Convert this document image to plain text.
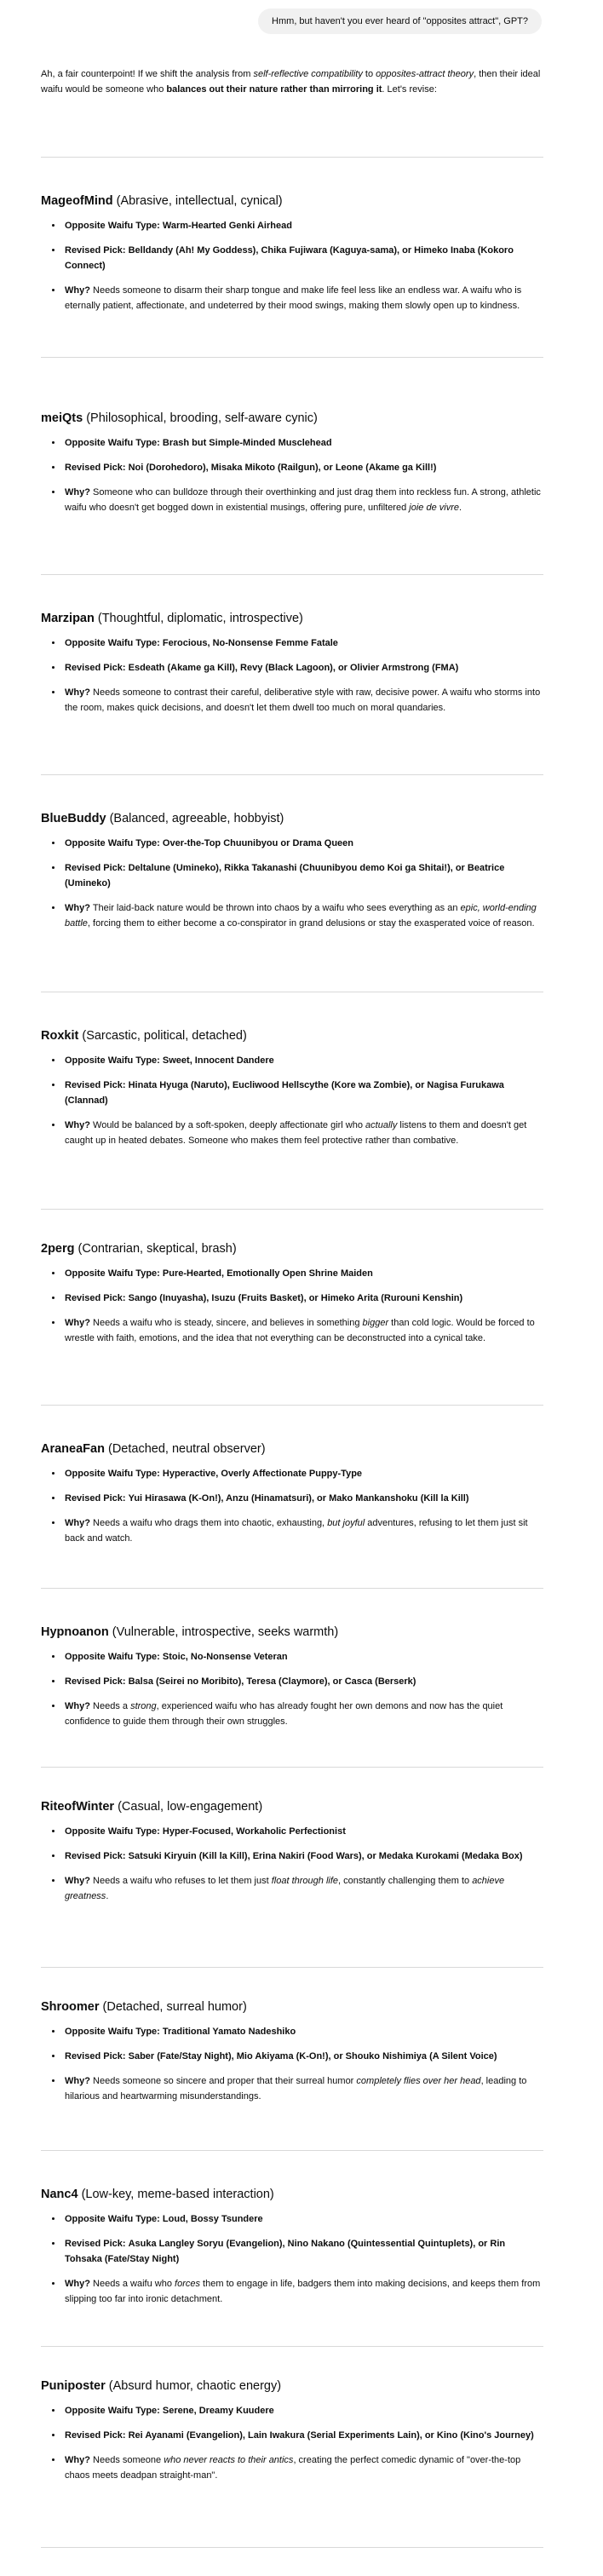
Hmm, but haven't you ever heard of "opposites attract", GPT?
Ah, a fair counterpoint! If we shift the analysis from self-reflective compatibility to opposites-attract theory, then their ideal waifu would be someone who balances out their nature rather than mirroring it. Let's revise:
MageofMind (Abrasive, intellectual, cynical)
• Opposite Waifu Type: Warm-Hearted Genki Airhead
• Revised Pick: Belldandy (Ah! My Goddess), Chika Fujiwara (Kaguya-sama), or Himeko Inaba (Kokoro Connect)
• Why? Needs someone to disarm their sharp tongue and make life feel less like an endless war. A waifu who is eternally patient, affectionate, and undeterred by their mood swings, making them slowly open up to kindness.
meiQts (Philosophical, brooding, self-aware cynic)
• Opposite Waifu Type: Brash but Simple-Minded Musclehead
• Revised Pick: Noi (Dorohedoro), Misaka Mikoto (Railgun), or Leone (Akame ga Kill!)
• Why? Someone who can bulldoze through their overthinking and just drag them into reckless fun. A strong, athletic waifu who doesn't get bogged down in existential musings, offering pure, unfiltered joie de vivre.
Marzipan (Thoughtful, diplomatic, introspective)
• Opposite Waifu Type: Ferocious, No-Nonsense Femme Fatale
• Revised Pick: Esdeath (Akame ga Kill), Revy (Black Lagoon), or Olivier Armstrong (FMA)
• Why? Needs someone to contrast their careful, deliberative style with raw, decisive power. A waifu who storms into the room, makes quick decisions, and doesn't let them dwell too much on moral quandaries.
BlueBuddy (Balanced, agreeable, hobbyist)
• Opposite Waifu Type: Over-the-Top Chuunibyou or Drama Queen
• Revised Pick: Deltalune (Umineko), Rikka Takanashi (Chuunibyou demo Koi ga Shitai!), or Beatrice (Umineko)
• Why? Their laid-back nature would be thrown into chaos by a waifu who sees everything as an epic, world-ending battle, forcing them to either become a co-conspirator in grand delusions or stay the exasperated voice of reason.
Roxkit (Sarcastic, political, detached)
• Opposite Waifu Type: Sweet, Innocent Dandere
• Revised Pick: Hinata Hyuga (Naruto), Eucliwood Hellscythe (Kore wa Zombie), or Nagisa Furukawa (Clannad)
• Why? Would be balanced by a soft-spoken, deeply affectionate girl who actually listens to them and doesn't get caught up in heated debates. Someone who makes them feel protective rather than combative.
2perg (Contrarian, skeptical, brash)
• Opposite Waifu Type: Pure-Hearted, Emotionally Open Shrine Maiden
• Revised Pick: Sango (Inuyasha), Isuzu (Fruits Basket), or Himeko Arita (Rurouni Kenshin)
• Why? Needs a waifu who is steady, sincere, and believes in something bigger than cold logic. Would be forced to wrestle with faith, emotions, and the idea that not everything can be deconstructed into a cynical take.
AraneaFan (Detached, neutral observer)
• Opposite Waifu Type: Hyperactive, Overly Affectionate Puppy-Type
• Revised Pick: Yui Hirasawa (K-On!), Anzu (Hinamatsuri), or Mako Mankanshoku (Kill la Kill)
• Why? Needs a waifu who drags them into chaotic, exhausting, but joyful adventures, refusing to let them just sit back and watch.
Hypnoanon (Vulnerable, introspective, seeks warmth)
• Opposite Waifu Type: Stoic, No-Nonsense Veteran
• Revised Pick: Balsa (Seirei no Moribito), Teresa (Claymore), or Casca (Berserk)
• Why? Needs a strong, experienced waifu who has already fought her own demons and now has the quiet confidence to guide them through their own struggles.
RiteofWinter (Casual, low-engagement)
• Opposite Waifu Type: Hyper-Focused, Workaholic Perfectionist
• Revised Pick: Satsuki Kiryuin (Kill la Kill), Erina Nakiri (Food Wars), or Medaka Kurokami (Medaka Box)
• Why? Needs a waifu who refuses to let them just float through life, constantly challenging them to achieve greatness.
Shroomer (Detached, surreal humor)
• Opposite Waifu Type: Traditional Yamato Nadeshiko
• Revised Pick: Saber (Fate/Stay Night), Mio Akiyama (K-On!), or Shouko Nishimiya (A Silent Voice)
• Why? Needs someone so sincere and proper that their surreal humor completely flies over her head, leading to hilarious and heartwarming misunderstandings.
Nanc4 (Low-key, meme-based interaction)
• Opposite Waifu Type: Loud, Bossy Tsundere
• Revised Pick: Asuka Langley Soryu (Evangelion), Nino Nakano (Quintessential Quintuplets), or Rin Tohsaka (Fate/Stay Night)
• Why? Needs a waifu who forces them to engage in life, badgers them into making decisions, and keeps them from slipping too far into ironic detachment.
Puniposter (Absurd humor, chaotic energy)
• Opposite Waifu Type: Serene, Dreamy Kuudere
• Revised Pick: Rei Ayanami (Evangelion), Lain Iwakura (Serial Experiments Lain), or Kino (Kino's Journey)
• Why? Needs someone who never reacts to their antics, creating the perfect comedic dynamic of "over-the-top chaos meets deadpan straight-man".
